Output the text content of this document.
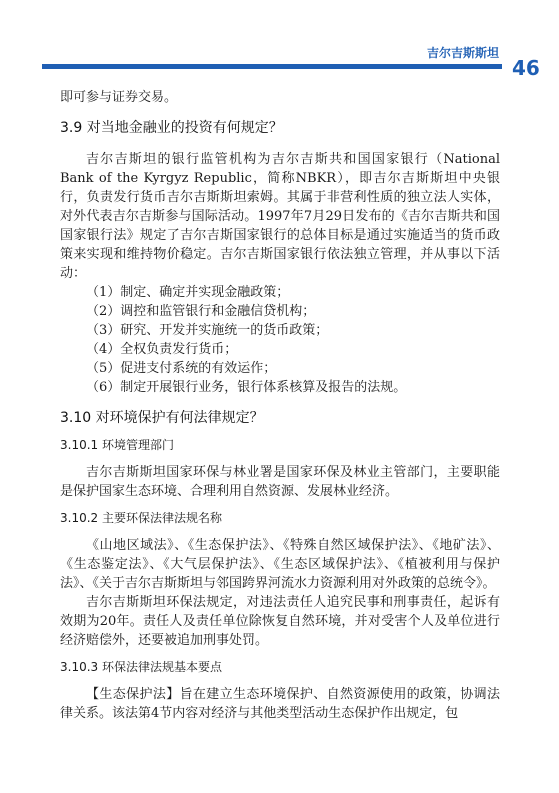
吉尔吉斯斯坦
46

即可参与证券交易。

3.9 对当地金融业的投资有何规定？

吉尔吉斯坦的银行监管机构为吉尔吉斯共和国国家银行（National Bank of the Kyrgyz Republic，简称NBKR），即吉尔吉斯斯坦中央银行，负责发行货币吉尔吉斯斯坦索姆。其属于非营利性质的独立法人实体，对外代表吉尔吉斯参与国际活动。1997年7月29日发布的《吉尔吉斯共和国国家银行法》规定了吉尔吉斯国家银行的总体目标是通过实施适当的货币政策来实现和维持物价稳定。吉尔吉斯国家银行依法独立管理，并从事以下活动：

（1）制定、确定并实现金融政策；
（2）调控和监管银行和金融信贷机构；
（3）研究、开发并实施统一的货币政策；
（4）全权负责发行货币；
（5）促进支付系统的有效运作；
（6）制定开展银行业务，银行体系核算及报告的法规。
3.10 对环境保护有何法律规定？
3.10.1 环境管理部门

吉尔吉斯斯坦国家环保与林业署是国家环保及林业主管部门，主要职能是保护国家生态环境、合理利用自然资源、发展林业经济。

3.10.2 主要环保法律法规名称

《山地区域法》、《生态保护法》、《特殊自然区域保护法》、《地矿法》、《生态鉴定法》、《大气层保护法》、《生态区域保护法》、《植被利用与保护法》、《关于吉尔吉斯斯坦与邻国跨界河流水力资源利用对外政策的总统令》。

吉尔吉斯斯坦环保法规定，对违法责任人追究民事和刑事责任，起诉有效期为20年。责任人及责任单位除恢复自然环境，并对受害个人及单位进行经济赔偿外，还要被追加刑事处罚。

3.10.3 环保法律法规基本要点

【生态保护法】旨在建立生态环境保护、自然资源使用的政策，协调法律关系。该法第4节内容对经济与其他类型活动生态保护作出规定，包
